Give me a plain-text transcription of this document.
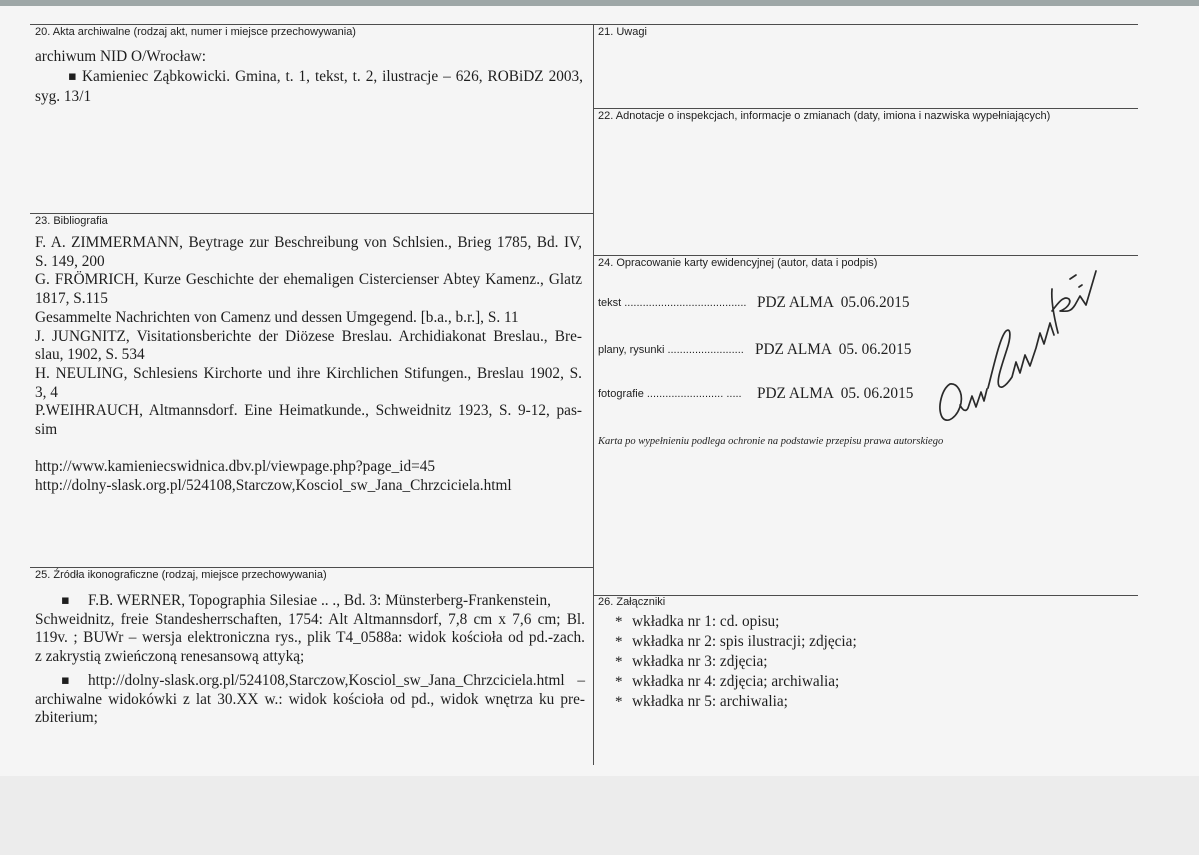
20. Akta archiwalne (rodzaj akt, numer i miejsce przechowywania)
archiwum NID O/Wrocław:
▪ Kamieniec Ząbkowicki. Gmina, t. 1, tekst, t. 2, ilustracje – 626, ROBiDZ 2003,
syg. 13/1
21. Uwagi
22. Adnotacje o inspekcjach, informacje o zmianach (daty, imiona i nazwiska wypełniających)
23. Bibliografia
F. A. ZIMMERMANN, Beytrage zur Beschreibung von Schlsien., Brieg 1785, Bd. IV,
S. 149, 200
G. FRÖMRICH, Kurze Geschichte der ehemaligen Cistercienser Abtey Kamenz., Glatz
1817, S.115
Gesammelte Nachrichten von Camenz und dessen Umgegend. [b.a., b.r.], S. 11
J. JUNGNITZ, Visitationsberichte der Diözese Breslau. Archidiakonat Breslau., Bre-
slau, 1902, S. 534
H. NEULING, Schlesiens Kirchorte und ihre Kirchlichen Stifungen., Breslau 1902, S.
3, 4
P.WEIHRAUCH, Altmannsdorf. Eine Heimatkunde., Schweidnitz 1923, S. 9-12, pas-
sim
http://www.kamieniecswidnica.dbv.pl/viewpage.php?page_id=45
http://dolny-slask.org.pl/524108,Starczow,Kosciol_sw_Jana_Chrzciciela.html
24. Opracowanie karty ewidencyjnej (autor, data i podpis)
tekst ........................................ PDZ ALMA  05.06.2015
plany, rysunki ......................... PDZ ALMA  05. 06.2015
fotografie ......................... .....	PDZ ALMA  05. 06.2015
Karta po wypełnieniu podlega ochronie na podstawie przepisu prawa autorskiego
25. Źródła ikonograficzne (rodzaj, miejsce przechowywania)
▪ F.B. WERNER, Topographia Silesiae .. ., Bd. 3: Münsterberg-Frankenstein,
Schweidnitz, freie Standesherrschaften, 1754: Alt Altmannsdorf, 7,8 cm x 7,6 cm; Bl.
119v. ; BUWr – wersja elektroniczna rys., plik T4_0588a: widok kościoła od pd.-zach.
z zakrystią zwieńczoną renesansową attyką;
▪ http://dolny-slask.org.pl/524108,Starczow,Kosciol_sw_Jana_Chrzciciela.html –
archiwalne widokówki z lat 30.XX w.: widok kościoła od pd., widok wnętrza ku pre-
zbiterium;
26. Załączniki
* wkładka nr 1: cd. opisu;
* wkładka nr 2: spis ilustracji; zdjęcia;
* wkładka nr 3: zdjęcia;
* wkładka nr 4: zdjęcia; archiwalia;
* wkładka nr 5: archiwalia;
